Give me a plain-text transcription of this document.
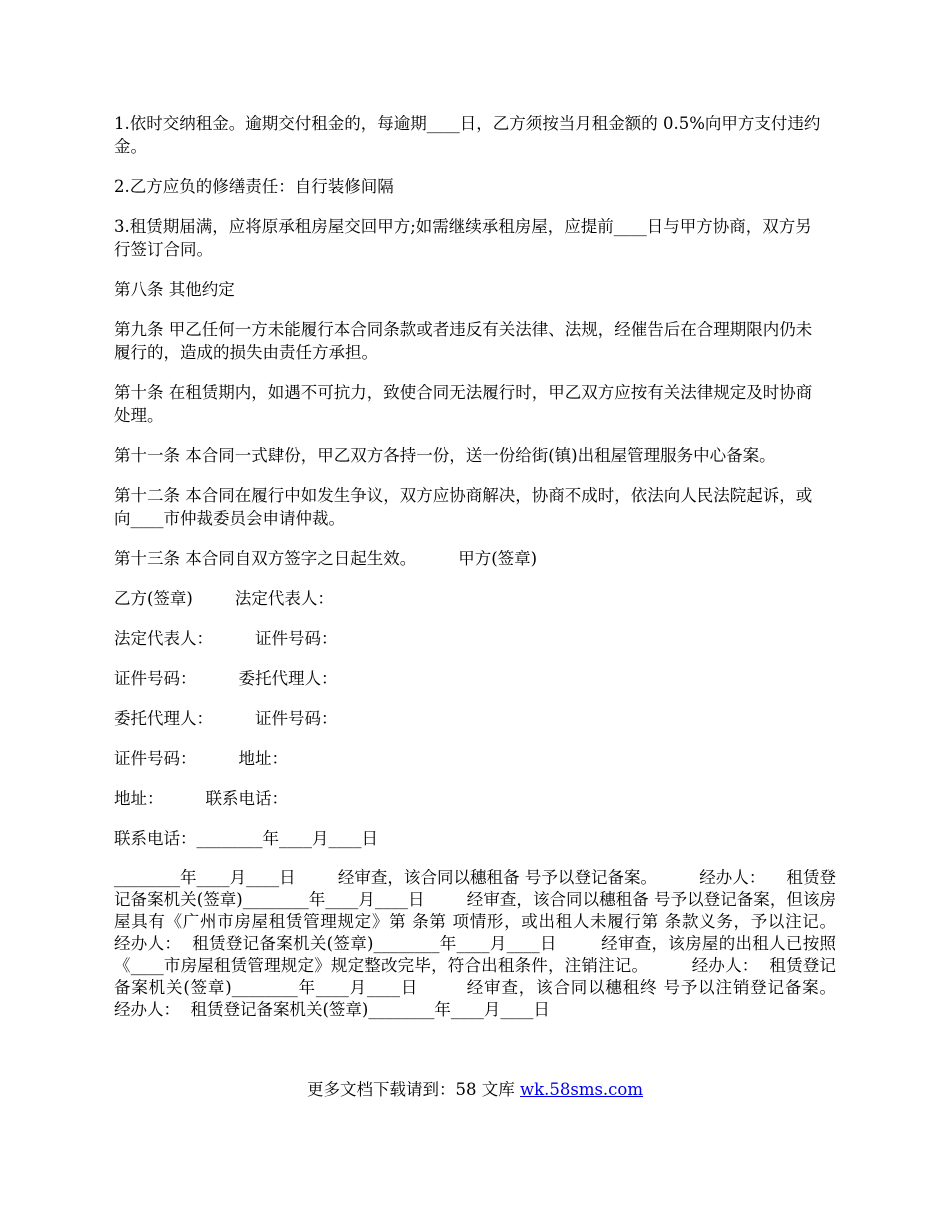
1.依时交纳租金。逾期交付租金的，每逾期____日，乙方须按当月租金额的 0.5%向甲方支付违约金。

2.乙方应负的修缮责任：自行装修间隔

3.租赁期届满，应将原承租房屋交回甲方;如需继续承租房屋，应提前____日与甲方协商，双方另行签订合同。

第八条 其他约定

第九条 甲乙任何一方未能履行本合同条款或者违反有关法律、法规，经催告后在合理期限内仍未履行的，造成的损失由责任方承担。

第十条 在租赁期内，如遇不可抗力，致使合同无法履行时，甲乙双方应按有关法律规定及时协商处理。

第十一条 本合同一式肆份，甲乙双方各持一份，送一份给街(镇)出租屋管理服务中心备案。

第十二条 本合同在履行中如发生争议，双方应协商解决，协商不成时，依法向人民法院起诉，或向____市仲裁委员会申请仲裁。

第十三条 本合同自双方签字之日起生效。        甲方(签章)

乙方(签章)        法定代表人：

法定代表人：        证件号码：

证件号码：        委托代理人：

委托代理人：        证件号码：

证件号码：        地址：

地址：        联系电话：

联系电话：________年____月____日

________年____月____日        经审查，该合同以穗租备 号予以登记备案。        经办人：    租赁登记备案机关(签章)________年____月____日        经审查，该合同以穗租备 号予以登记备案，但该房屋具有《广州市房屋租赁管理规定》第 条第 项情形，或出租人未履行第 条款义务，予以注记。        经办人：  租赁登记备案机关(签章)________年____月____日        经审查，该房屋的出租人已按照《____市房屋租赁管理规定》规定整改完毕，符合出租条件，注销注记。        经办人：  租赁登记备案机关(签章)________年____月____日        经审查，该合同以穗租终 号予以注销登记备案。        经办人：  租赁登记备案机关(签章)________年____月____日

更多文档下载请到：58 文库 wk.58sms.com
